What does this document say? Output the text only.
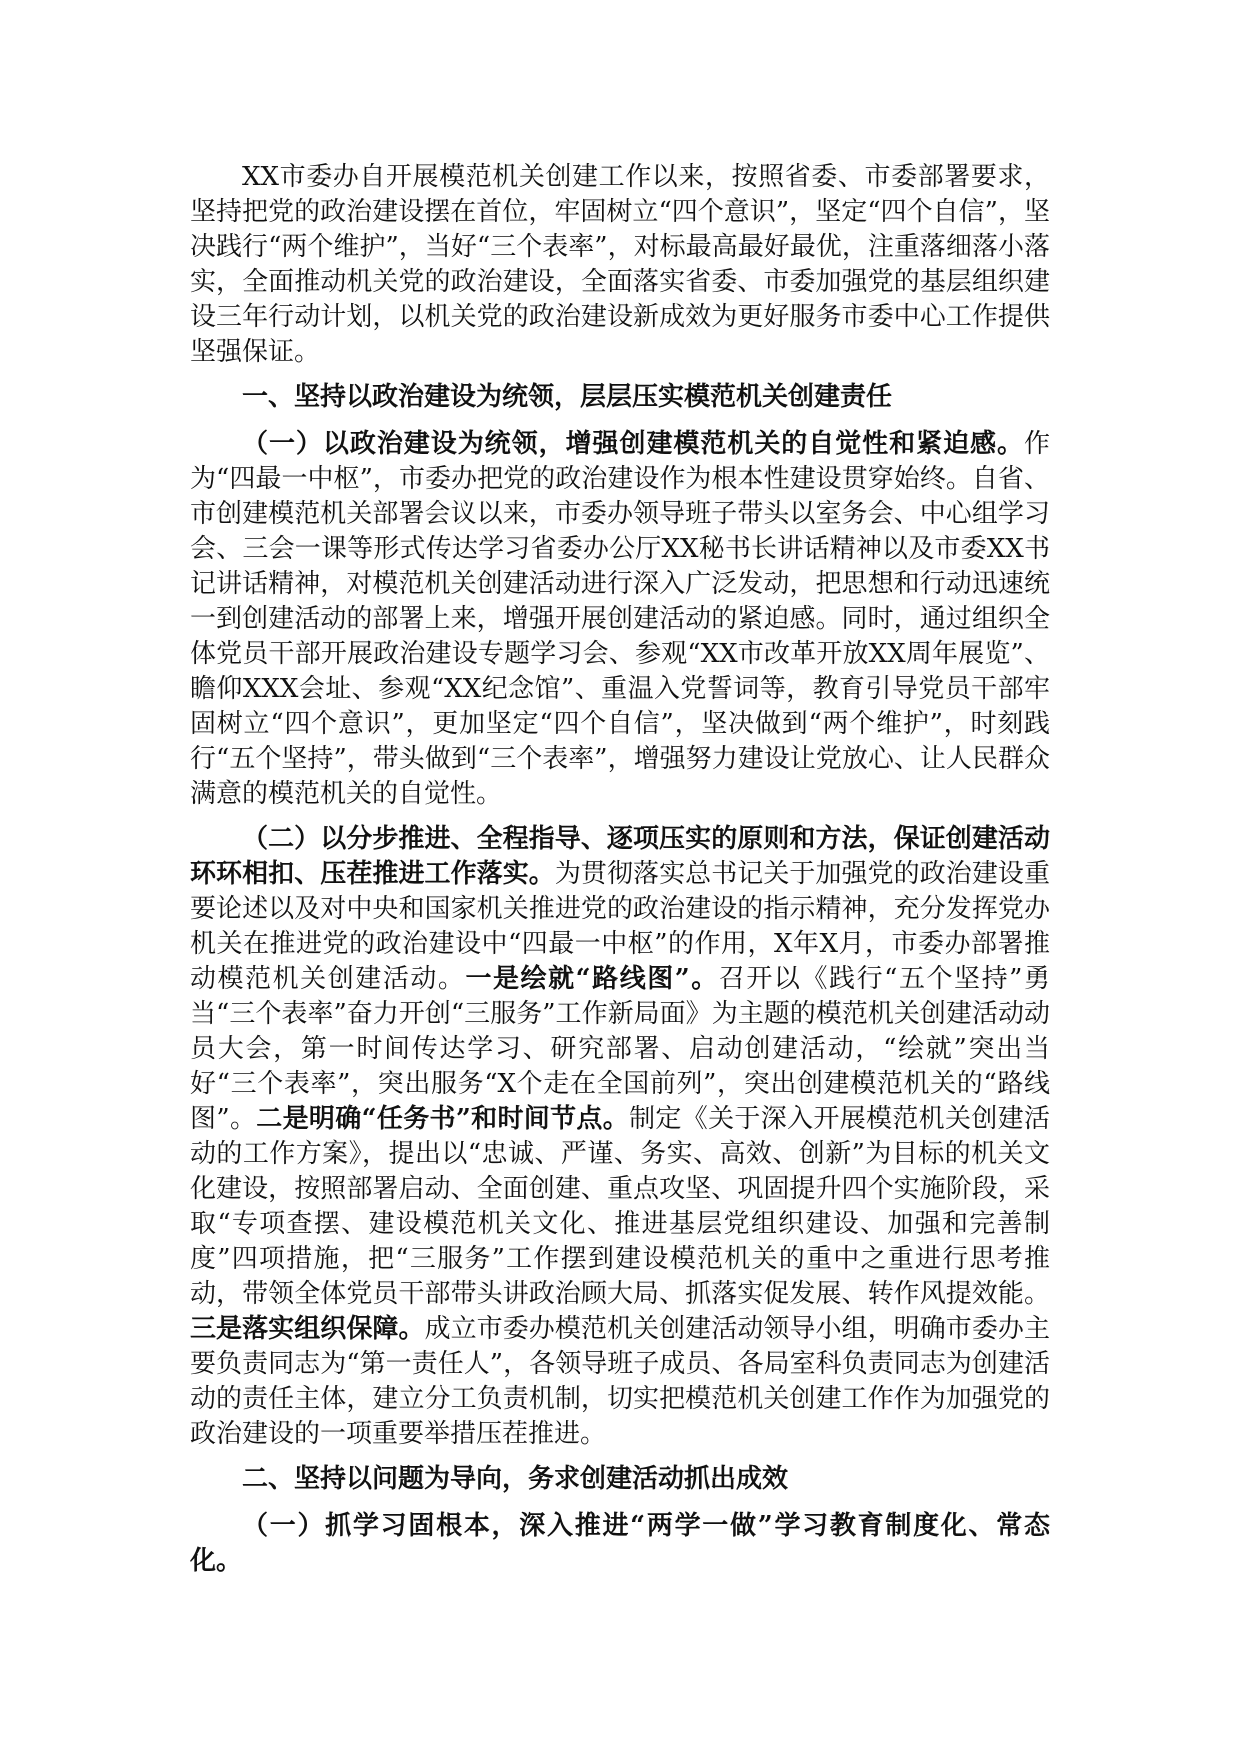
XX市委办自开展模范机关创建工作以来，按照省委、市委部署要求，坚持把党的政治建设摆在首位，牢固树立“四个意识”，坚定“四个自信”，坚决践行“两个维护”，当好“三个表率”，对标最高最好最优，注重落细落小落实，全面推动机关党的政治建设，全面落实省委、市委加强党的基层组织建设三年行动计划，以机关党的政治建设新成效为更好服务市委中心工作提供坚强保证。

一、坚持以政治建设为统领，层层压实模范机关创建责任

（一）以政治建设为统领，增强创建模范机关的自觉性和紧迫感。作为“四最一中枢”，市委办把党的政治建设作为根本性建设贯穿始终。自省、市创建模范机关部署会议以来，市委办领导班子带头以室务会、中心组学习会、三会一课等形式传达学习省委办公厅XX秘书长讲话精神以及市委XX书记讲话精神，对模范机关创建活动进行深入广泛发动，把思想和行动迅速统一到创建活动的部署上来，增强开展创建活动的紧迫感。同时，通过组织全体党员干部开展政治建设专题学习会、参观“XX市改革开放XX周年展览”、瞻仰XXX会址、参观“XX纪念馆”、重温入党誓词等，教育引导党员干部牢固树立“四个意识”，更加坚定“四个自信”，坚决做到“两个维护”，时刻践行“五个坚持”，带头做到“三个表率”，增强努力建设让党放心、让人民群众满意的模范机关的自觉性。

（二）以分步推进、全程指导、逐项压实的原则和方法，保证创建活动环环相扣、压茬推进工作落实。为贯彻落实总书记关于加强党的政治建设重要论述以及对中央和国家机关推进党的政治建设的指示精神，充分发挥党办机关在推进党的政治建设中“四最一中枢”的作用，X年X月，市委办部署推动模范机关创建活动。一是绘就“路线图”。召开以《践行“五个坚持”勇当“三个表率”奋力开创“三服务”工作新局面》为主题的模范机关创建活动动员大会，第一时间传达学习、研究部署、启动创建活动，“绘就”突出当好“三个表率”，突出服务“X个走在全国前列”，突出创建模范机关的“路线图”。二是明确“任务书”和时间节点。制定《关于深入开展模范机关创建活动的工作方案》，提出以“忠诚、严谨、务实、高效、创新”为目标的机关文化建设，按照部署启动、全面创建、重点攻坚、巩固提升四个实施阶段，采取“专项查摆、建设模范机关文化、推进基层党组织建设、加强和完善制度”四项措施，把“三服务”工作摆到建设模范机关的重中之重进行思考推动，带领全体党员干部带头讲政治顾大局、抓落实促发展、转作风提效能。三是落实组织保障。成立市委办模范机关创建活动领导小组，明确市委办主要负责同志为“第一责任人”，各领导班子成员、各局室科负责同志为创建活动的责任主体，建立分工负责机制，切实把模范机关创建工作作为加强党的政治建设的一项重要举措压茬推进。

二、坚持以问题为导向，务求创建活动抓出成效

（一）抓学习固根本，深入推进“两学一做”学习教育制度化、常态化。
